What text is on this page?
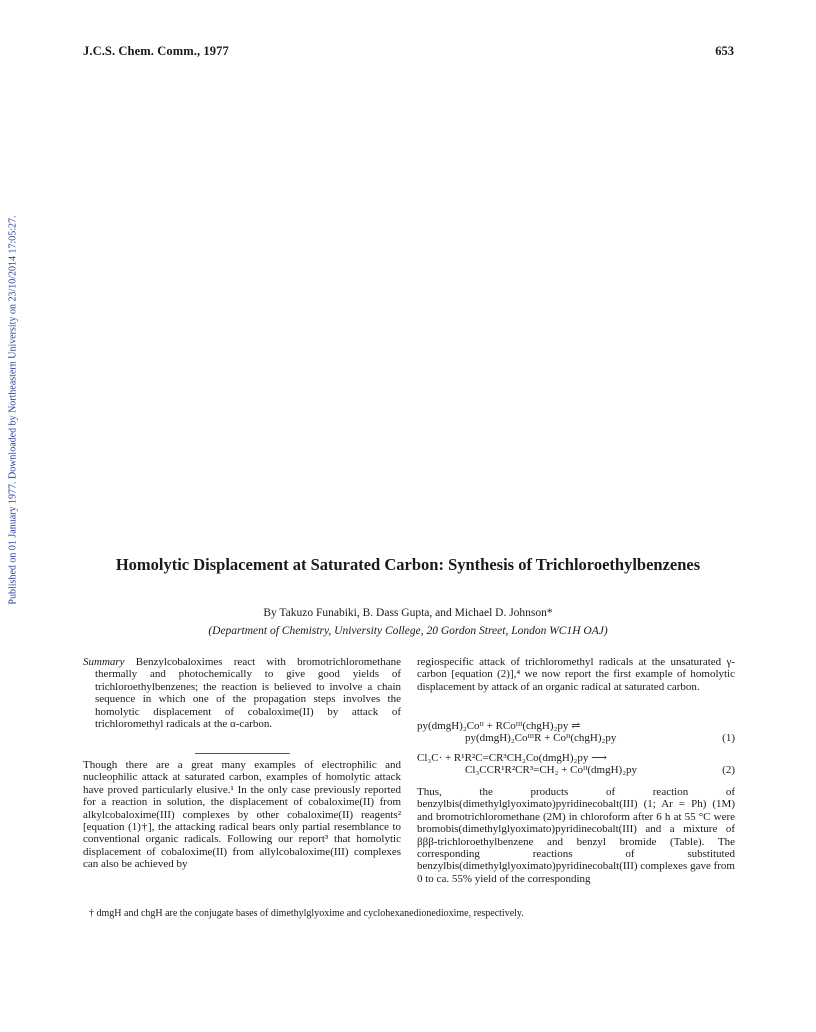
J.C.S. Chem. Comm., 1977	653
Published on 01 January 1977. Downloaded by Northeastern University on 23/10/2014 17:05:27.	Homolytic Displacement at Saturated Carbon: Synthesis of Trichloroethylbenzenes
By Takuzo Funabiki, B. Dass Gupta, and Michael D. Johnson*
(Department of Chemistry, University College, 20 Gordon Street, London WC1H OAJ)

Summary Benzylcobaloximes react with bromotrichloromethane thermally and photochemically to give good yields of trichloroethylbenzenes; the reaction is believed to involve a chain sequence in which one of the propagation steps involves the homolytic displacement of cobaloxime(II) by attack of trichloromethyl radicals at the α-carbon.

Though there are a great many examples of electrophilic and nucleophilic attack at saturated carbon, examples of homolytic attack have proved particularly elusive.¹ In the only case previously reported for a reaction in solution, the displacement of cobaloxime(II) from alkylcobaloxime(III) complexes by other cobaloxime(II) reagents² [equation (1)†], the attacking radical bears only partial resemblance to conventional organic radicals. Following our report³ that homolytic displacement of cobaloxime(II) from allylcobaloxime(III) complexes can also be achieved by

regiospecific attack of trichloromethyl radicals at the unsaturated γ-carbon [equation (2)],⁴ we now report the first example of homolytic displacement by attack of an organic radical at saturated carbon.

py(dmgH)₂Coᴵᴵ + RCoᴵᴵᴵ(chgH)₂py ⇌
py(dmgH)₂CoᴵᴵᴵR + Coᴵᴵ(chgH)₂py	(1)
Cl₃C· + R¹R²C=CR³CH₂Co(dmgH)₂py ⟶
Cl₃CCR¹R²CR³=CH₂ + Coᴵᴵ(dmgH)₂py	(2)

Thus, the products of reaction of benzylbis(dimethylglyoximato)pyridinecobalt(III) (1; Ar = Ph) (1M) and bromotrichloromethane (2M) in chloroform after 6 h at 55 °C were bromobis(dimethylglyoximato)pyridinecobalt(III) and a mixture of βββ-trichloroethylbenzene and benzyl bromide (Table). The corresponding reactions of substituted benzylbis(dimethylglyoximato)pyridinecobalt(III) complexes gave from 0 to ca. 55% yield of the corresponding

† dmgH and chgH are the conjugate bases of dimethylglyoxime and cyclohexanedionedioxime, respectively.
